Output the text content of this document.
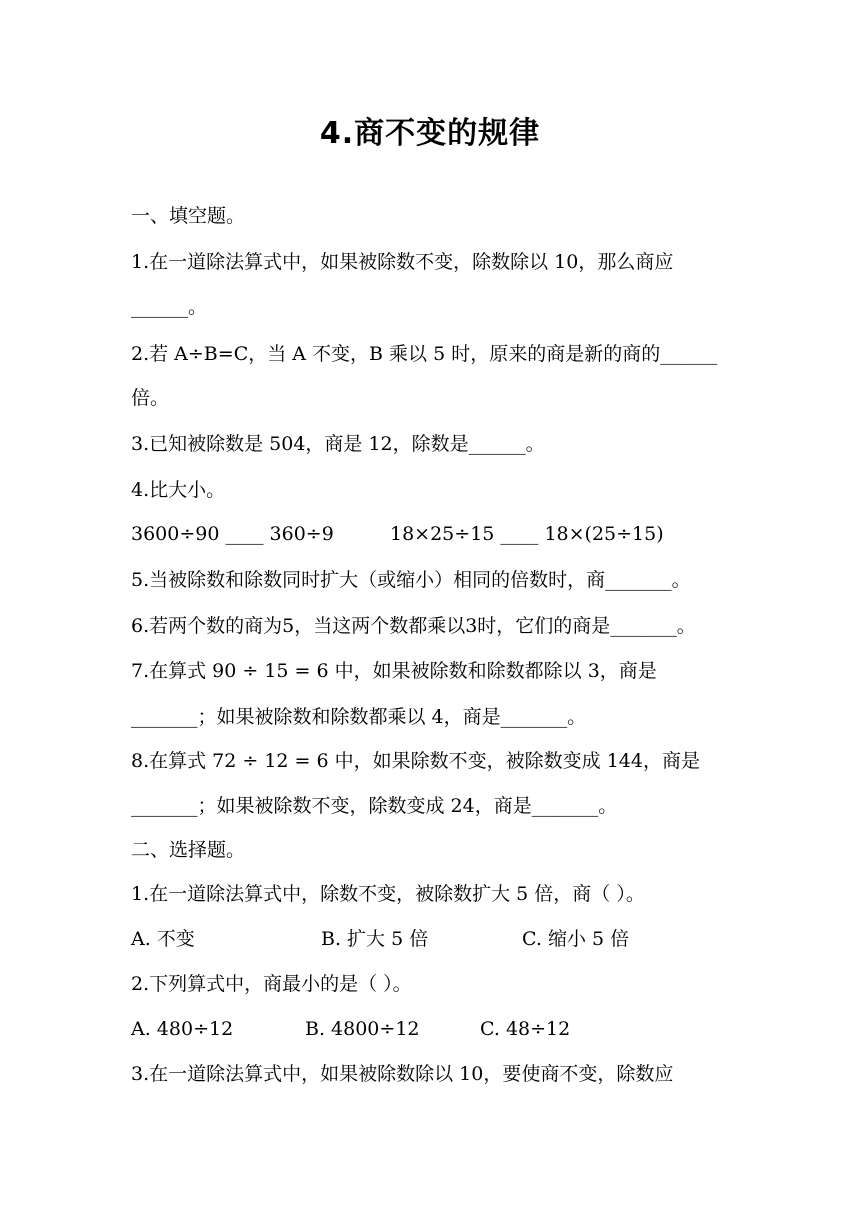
4.商不变的规律
一、填空题。
1.在一道除法算式中，如果被除数不变，除数除以 10，那么商应
______。
2.若 A÷B=C，当 A 不变，B 乘以 5 时，原来的商是新的商的______
倍。
3.已知被除数是 504，商是 12，除数是______。
4.比大小。
3600÷90 ____ 360÷9	18×25÷15 ____ 18×(25÷15)
5.当被除数和除数同时扩大（或缩小）相同的倍数时，商_______。
6.若两个数的商为5，当这两个数都乘以3时，它们的商是_______。
7.在算式 90 ÷ 15 = 6 中，如果被除数和除数都除以 3，商是
_______；如果被除数和除数都乘以 4，商是_______。
8.在算式 72 ÷ 12 = 6 中，如果除数不变，被除数变成 144，商是
_______；如果被除数不变，除数变成 24，商是_______。
二、选择题。
1.在一道除法算式中，除数不变，被除数扩大 5 倍，商（ ）。
A. 不变	B. 扩大 5 倍	C. 缩小 5 倍
2.下列算式中，商最小的是（ ）。
A. 480÷12	B. 4800÷12	C. 48÷12
3.在一道除法算式中，如果被除数除以 10，要使商不变，除数应
